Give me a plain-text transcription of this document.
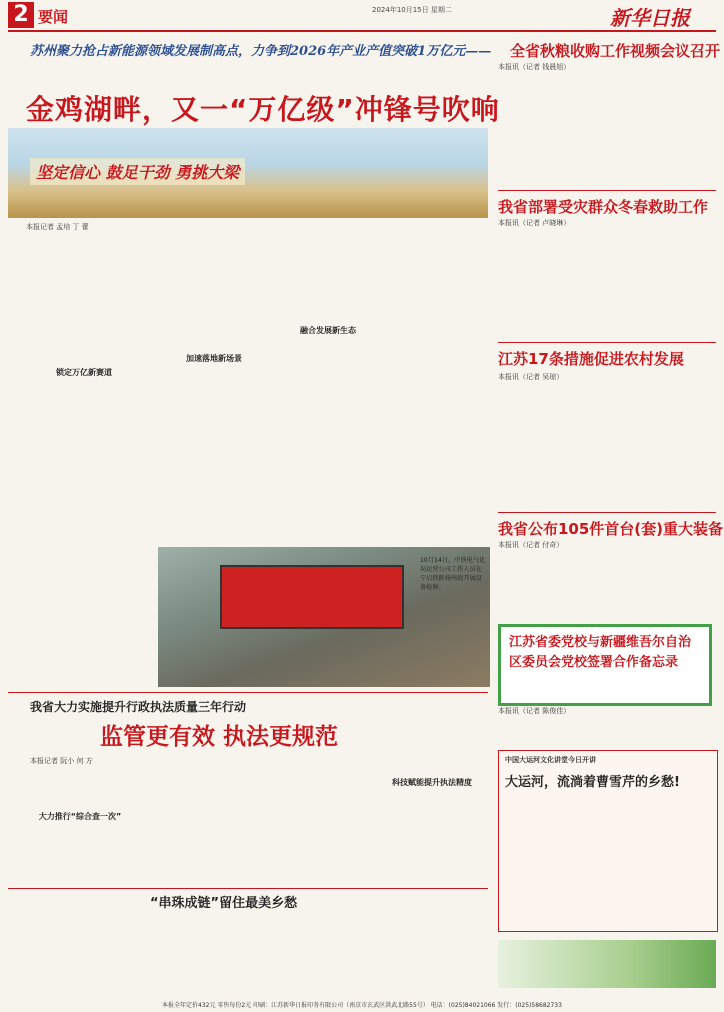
2 要闻	2024年10月15日 星期二	新华日报
苏州聚力抢占新能源领域发展制高点，力争到2026年产业产值突破1万亿元——
金鸡湖畔，又一“万亿级”冲锋号吹响
坚定信心 鼓足干劲 勇挑大梁
本报记者 孟培 丁 蕾
锁定万亿新赛道
加速落地新场景
融合发展新生态
10月14日，中铁电气化局运营公司工作人员在宁启铁路扬州段开展设备检修。
我省大力实施提升行政执法质量三年行动
监管更有效 执法更规范
本报记者 阮小 何 方
大力推行“综合查一次”
科技赋能提升执法精度
“串珠成链”留住最美乡愁
全省秋粮收购工作视频会议召开
本报讯（记者 钱晨旭）
我省部署受灾群众冬春救助工作
本报讯（记者 卢晓琳）
江苏17条措施促进农村发展
本报讯（记者 吴琼）
我省公布105件首台(套)重大装备
本报讯（记者 付奇）
江苏省委党校与新疆维吾尔自治区委员会党校签署合作备忘录
本报讯（记者 陈俊佳）
中国大运河文化讲堂今日开讲
大运河，流淌着曹雪芹的乡愁!
本报全年定价432元 零售每份2元 印刷：江苏新华日报印务有限公司（南京市玄武区洪武北路55号） 电话：(025)84021066 发行：(025)58682733
